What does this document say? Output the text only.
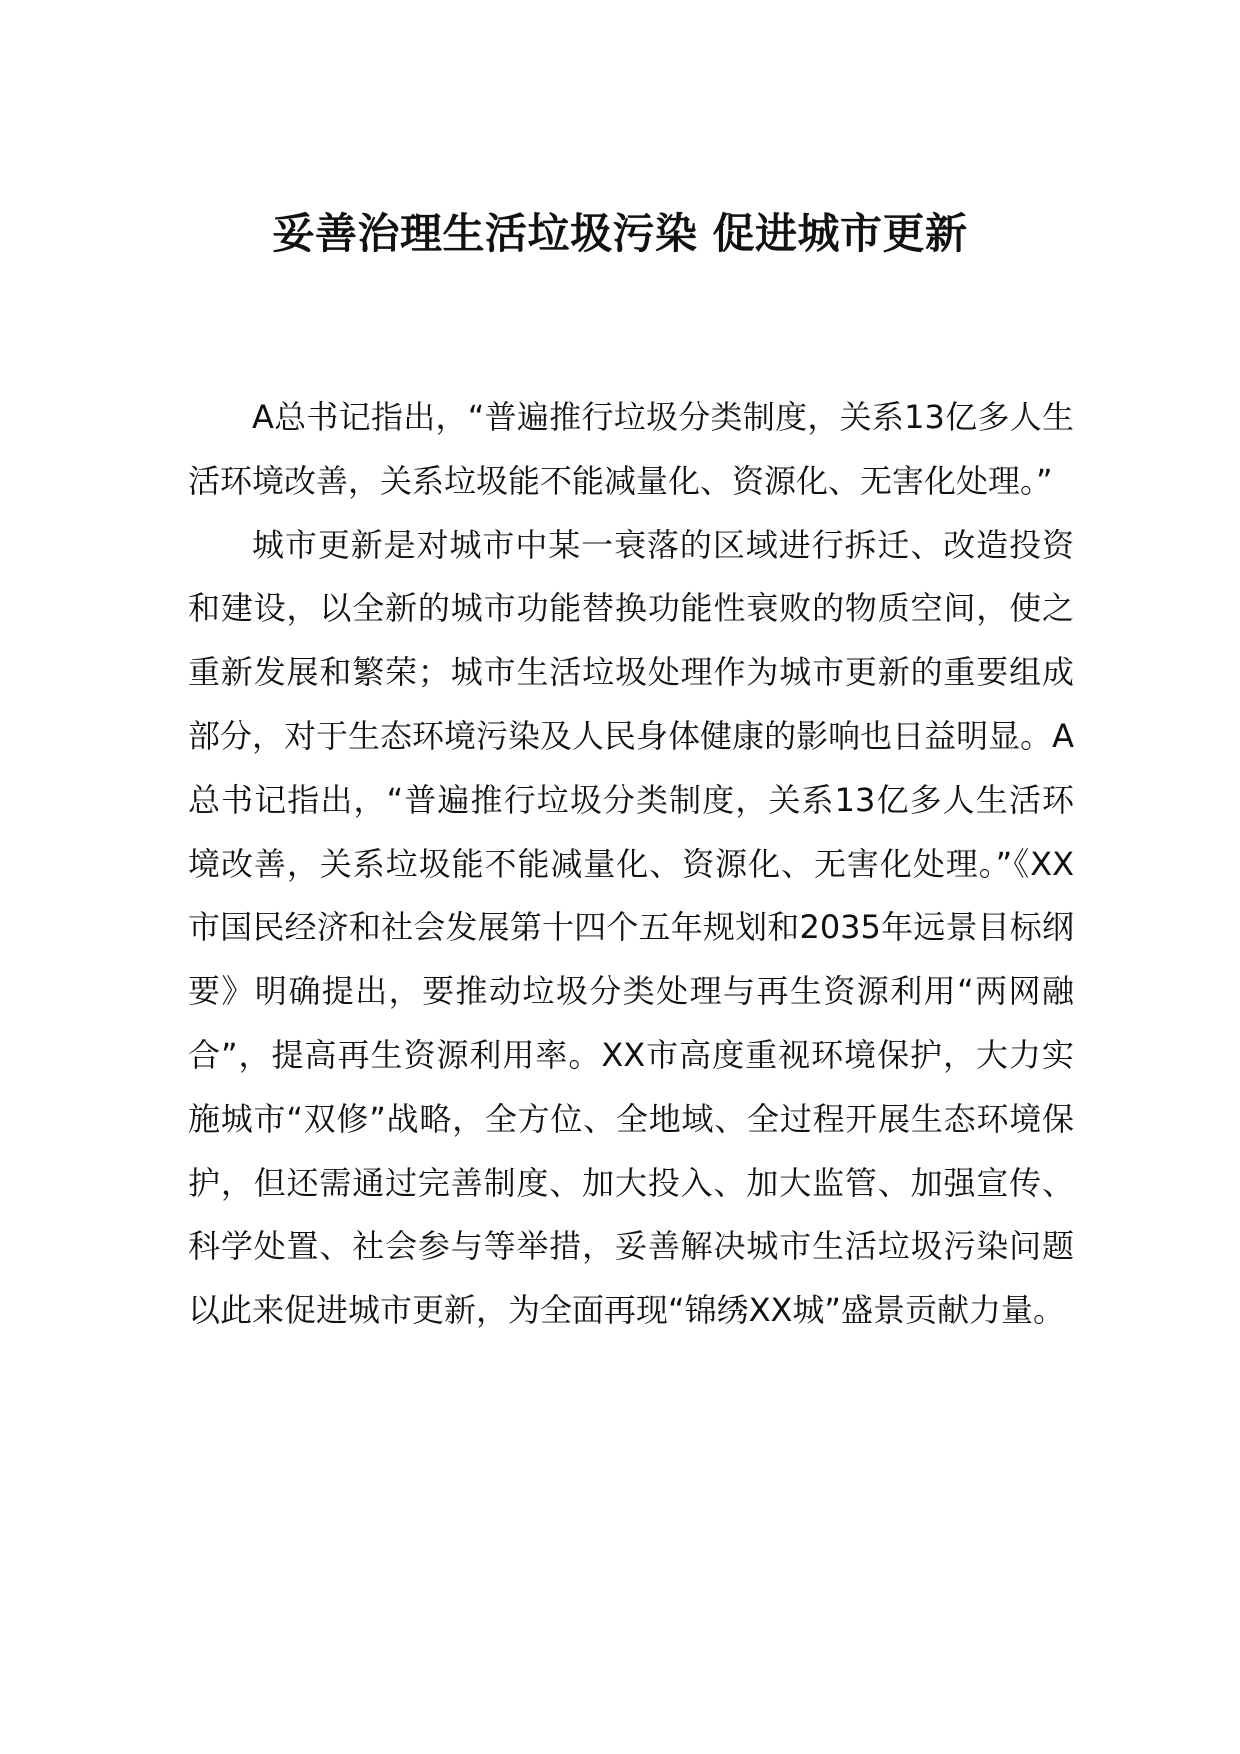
妥善治理生活垃圾污染 促进城市更新

A总书记指出，“普遍推行垃圾分类制度，关系13亿多人生活环境改善，关系垃圾能不能减量化、资源化、无害化处理。”

城市更新是对城市中某一衰落的区域进行拆迁、改造投资和建设，以全新的城市功能替换功能性衰败的物质空间，使之重新发展和繁荣；城市生活垃圾处理作为城市更新的重要组成部分，对于生态环境污染及人民身体健康的影响也日益明显。A总书记指出，“普遍推行垃圾分类制度，关系13亿多人生活环境改善，关系垃圾能不能减量化、资源化、无害化处理。”《XX市国民经济和社会发展第十四个五年规划和2035年远景目标纲要》明确提出，要推动垃圾分类处理与再生资源利用“两网融合”，提高再生资源利用率。XX市高度重视环境保护，大力实施城市“双修”战略，全方位、全地域、全过程开展生态环境保护，但还需通过完善制度、加大投入、加大监管、加强宣传、科学处置、社会参与等举措，妥善解决城市生活垃圾污染问题以此来促进城市更新，为全面再现“锦绣XX城”盛景贡献力量。
